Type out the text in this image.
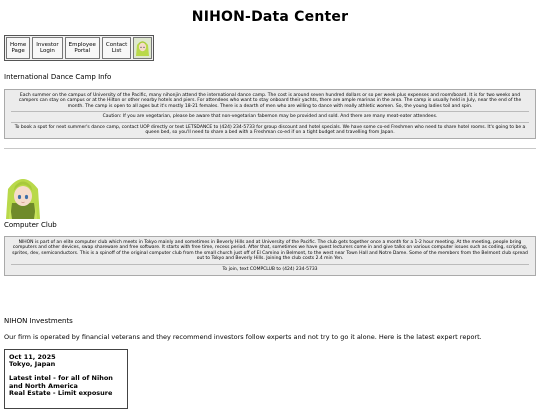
NIHON-Data Center
Home
Page
Investor
Login
Employee
Portal
Contact
List
International Dance Camp Info

Each summer on the campus of University of the Pacific, many nihonjin attend the international dance camp. The cost is around seven hundred dollars or so per week plus expenses and room/board. It is for two weeks and campers can stay on campus or at the Hilton or other nearby hotels and piers. For attendees who want to stay onboard their yachts, there are ample marinas in the area. The camp is usually held in July, near the end of the month. The camp is open to all ages but it's mostly 18-21 females. There is a dearth of men who are willing to dance with really athletic women. So, the young ladies toil and spin.

Caution: If you are vegetarian, please be aware that non-vegetarian fabemon may be provided and sold. And there are many meat-eater attendees.

To book a spot for next summer's dance camp, contact UOP directly or text LETSDANCE to (424) 234-5733 for group discount and hotel specials. We have some co-ed Freshmen who need to share hotel rooms. It's going to be a queen bed, so you'll need to share a bed with a Freshman co-ed if on a tight budget and travelling from Japan.

Computer Club

NIHON is part of an elite computer club which meets in Tokyo mainly and sometimes in Beverly Hills and at University of the Pacific. The club gets together once a month for a 1-2 hour meeting. At the meeting, people bring computers and other devices, swap shareware and free software. It starts with free time, recess period. After that, sometimes we have guest lecturers come in and give talks on various computer issues such as coding, scripting, sprites, dev, semiconductors. This is a spinoff of the original computer club from the small church just off of El Camino in Belmont, to the west near Town Hall and Notre Dame. Some of the members from the Belmont club spread out to Tokyo and Beverly Hills. Joining the club costs 2.4 min Yen.

To join, text COMPCLUB to (424) 234-5733

NIHON Investments
Our firm is operated by financial veterans and they recommend investors follow experts and not try to go it alone. Here is the latest expert report.
Oct 11, 2025
Tokyo, Japan
Latest intel - for all of Nihon
and North America
Real Estate - Limit exposure
